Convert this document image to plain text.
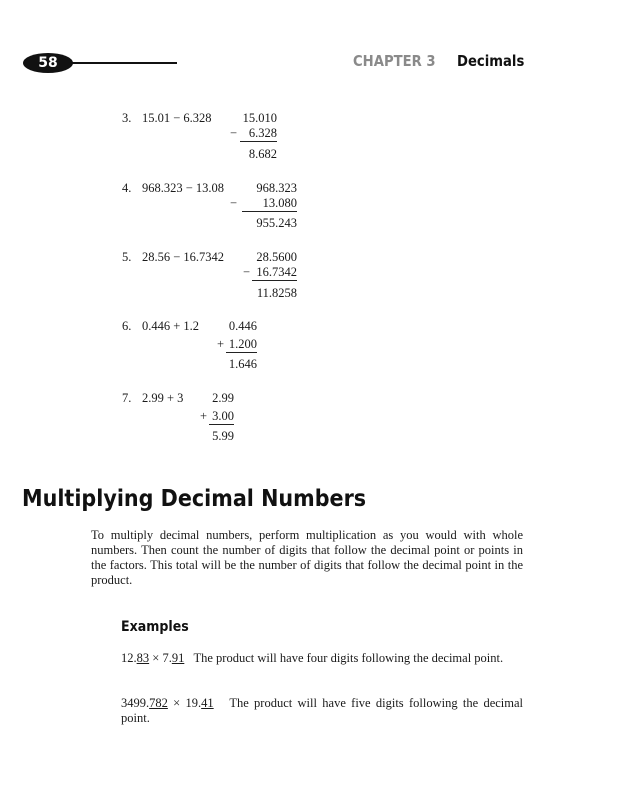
58	CHAPTER 3 Decimals
3. 15.01 − 6.328	15.010
− 6.328
8.682
4. 968.323 − 13.08	968.323
−	13.080
955.243
5. 28.56 − 16.7342	28.5600
− 16.7342
11.8258
6. 0.446 + 1.2	0.446
+ 1.200
1.646
7. 2.99 + 3	2.99
+ 3.00
5.99
Multiplying Decimal Numbers
To multiply decimal numbers, perform multiplication as you would with whole numbers. Then count the number of digits that follow the decimal point or points in the factors. This total will be the number of digits that follow the decimal point in the product.
Examples
12.83 × 7.91 The product will have four digits following the decimal point.
3499.782 × 19.41 The product will have five digits following the decimal point.
